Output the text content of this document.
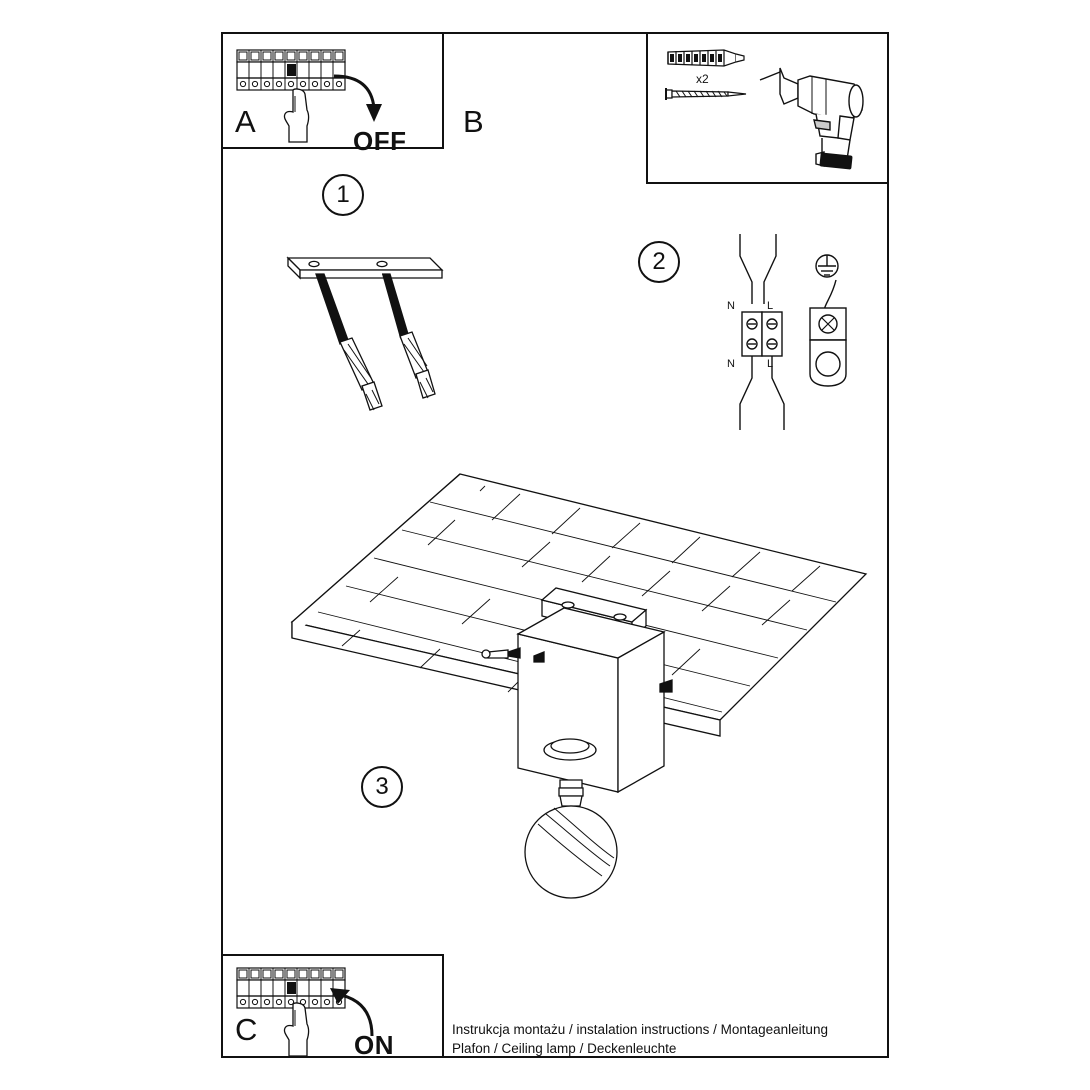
A
OFF
B
x2
1
2
N	L
N	L
3
C	ON
Instrukcja montażu / instalation instructions / Montageanleitung
Plafon / Ceiling lamp / Deckenleuchte
